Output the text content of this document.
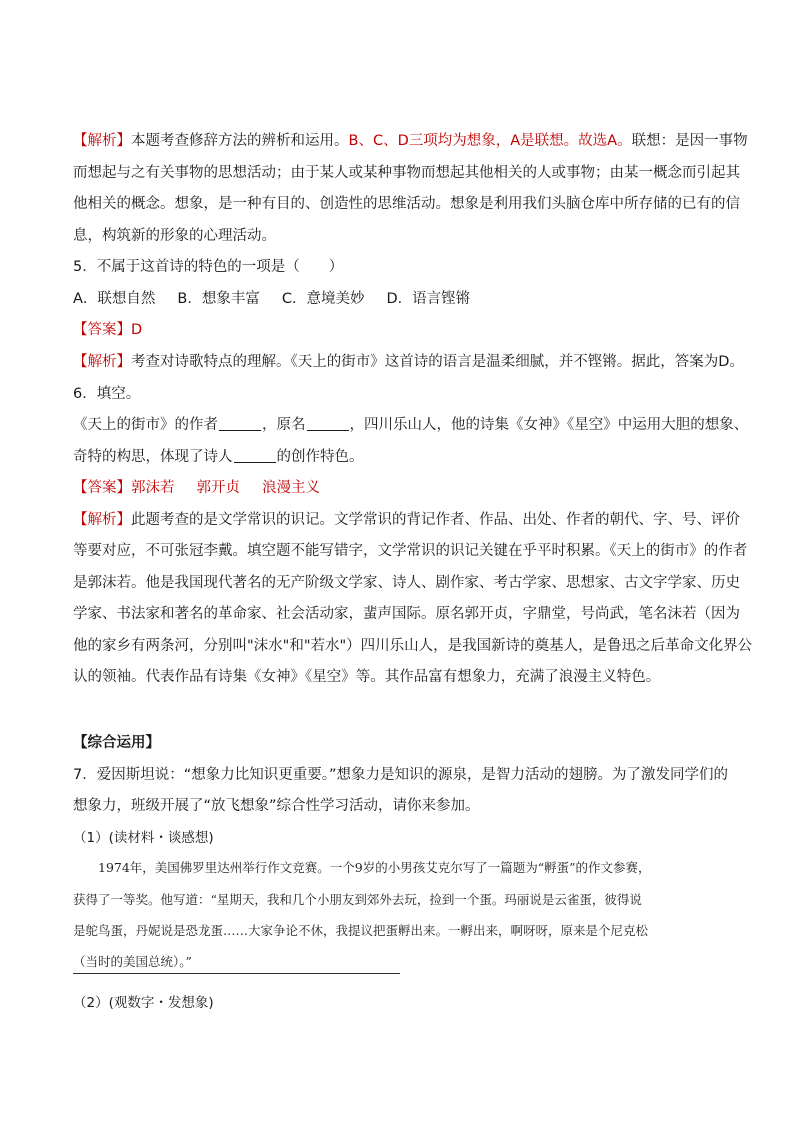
【解析】本题考查修辞方法的辨析和运用。B、C、D三项均为想象，A是联想。故选A。联想：是因一事物
而想起与之有关事物的思想活动；由于某人或某种事物而想起其他相关的人或事物；由某一概念而引起其
他相关的概念。想象，是一种有目的、创造性的思维活动。想象是利用我们头脑仓库中所存储的已有的信
息，构筑新的形象的心理活动。
5．不属于这首诗的特色的一项是（　　）
A．联想自然 B．想象丰富 C．意境美妙 D．语言铿锵
【答案】D
【解析】考查对诗歌特点的理解。《天上的街市》这首诗的语言是温柔细腻，并不铿锵。据此，答案为D。
6．填空。
《天上的街市》的作者	，原名	，四川乐山人，他的诗集《女神》《星空》中运用大胆的想象、
奇特的构思，体现了诗人	的创作特色。
【答案】郭沫若 郭开贞 浪漫主义
【解析】此题考查的是文学常识的识记。文学常识的背记作者、作品、出处、作者的朝代、字、号、评价
等要对应，不可张冠李戴。填空题不能写错字，文学常识的识记关键在乎平时积累。《天上的街市》的作者
是郭沫若。他是我国现代著名的无产阶级文学家、诗人、剧作家、考古学家、思想家、古文字学家、历史
学家、书法家和著名的革命家、社会活动家，蜚声国际。原名郭开贞，字鼎堂，号尚武，笔名沫若（因为
他的家乡有两条河，分别叫"沫水"和"若水"）四川乐山人，是我国新诗的奠基人，是鲁迅之后革命文化界公
认的领袖。代表作品有诗集《女神》《星空》等。其作品富有想象力，充满了浪漫主义特色。
【综合运用】
7．爱因斯坦说：“想象力比知识更重要。”想象力是知识的源泉，是智力活动的翅膀。为了激发同学们的
想象力，班级开展了“放飞想象”综合性学习活动，请你来参加。
（1）(读材料・谈感想)
1974年，美国佛罗里达州举行作文竞赛。一个9岁的小男孩艾克尔写了一篇题为“孵蛋”的作文参赛，
获得了一等奖。他写道：“星期天，我和几个小朋友到郊外去玩，捡到一个蛋。玛丽说是云雀蛋，彼得说
是鸵鸟蛋，丹妮说是恐龙蛋……大家争论不休，我提议把蛋孵出来。一孵出来，啊呀呀，原来是个尼克松
（当时的美国总统）。”
（2）(观数字・发想象)
